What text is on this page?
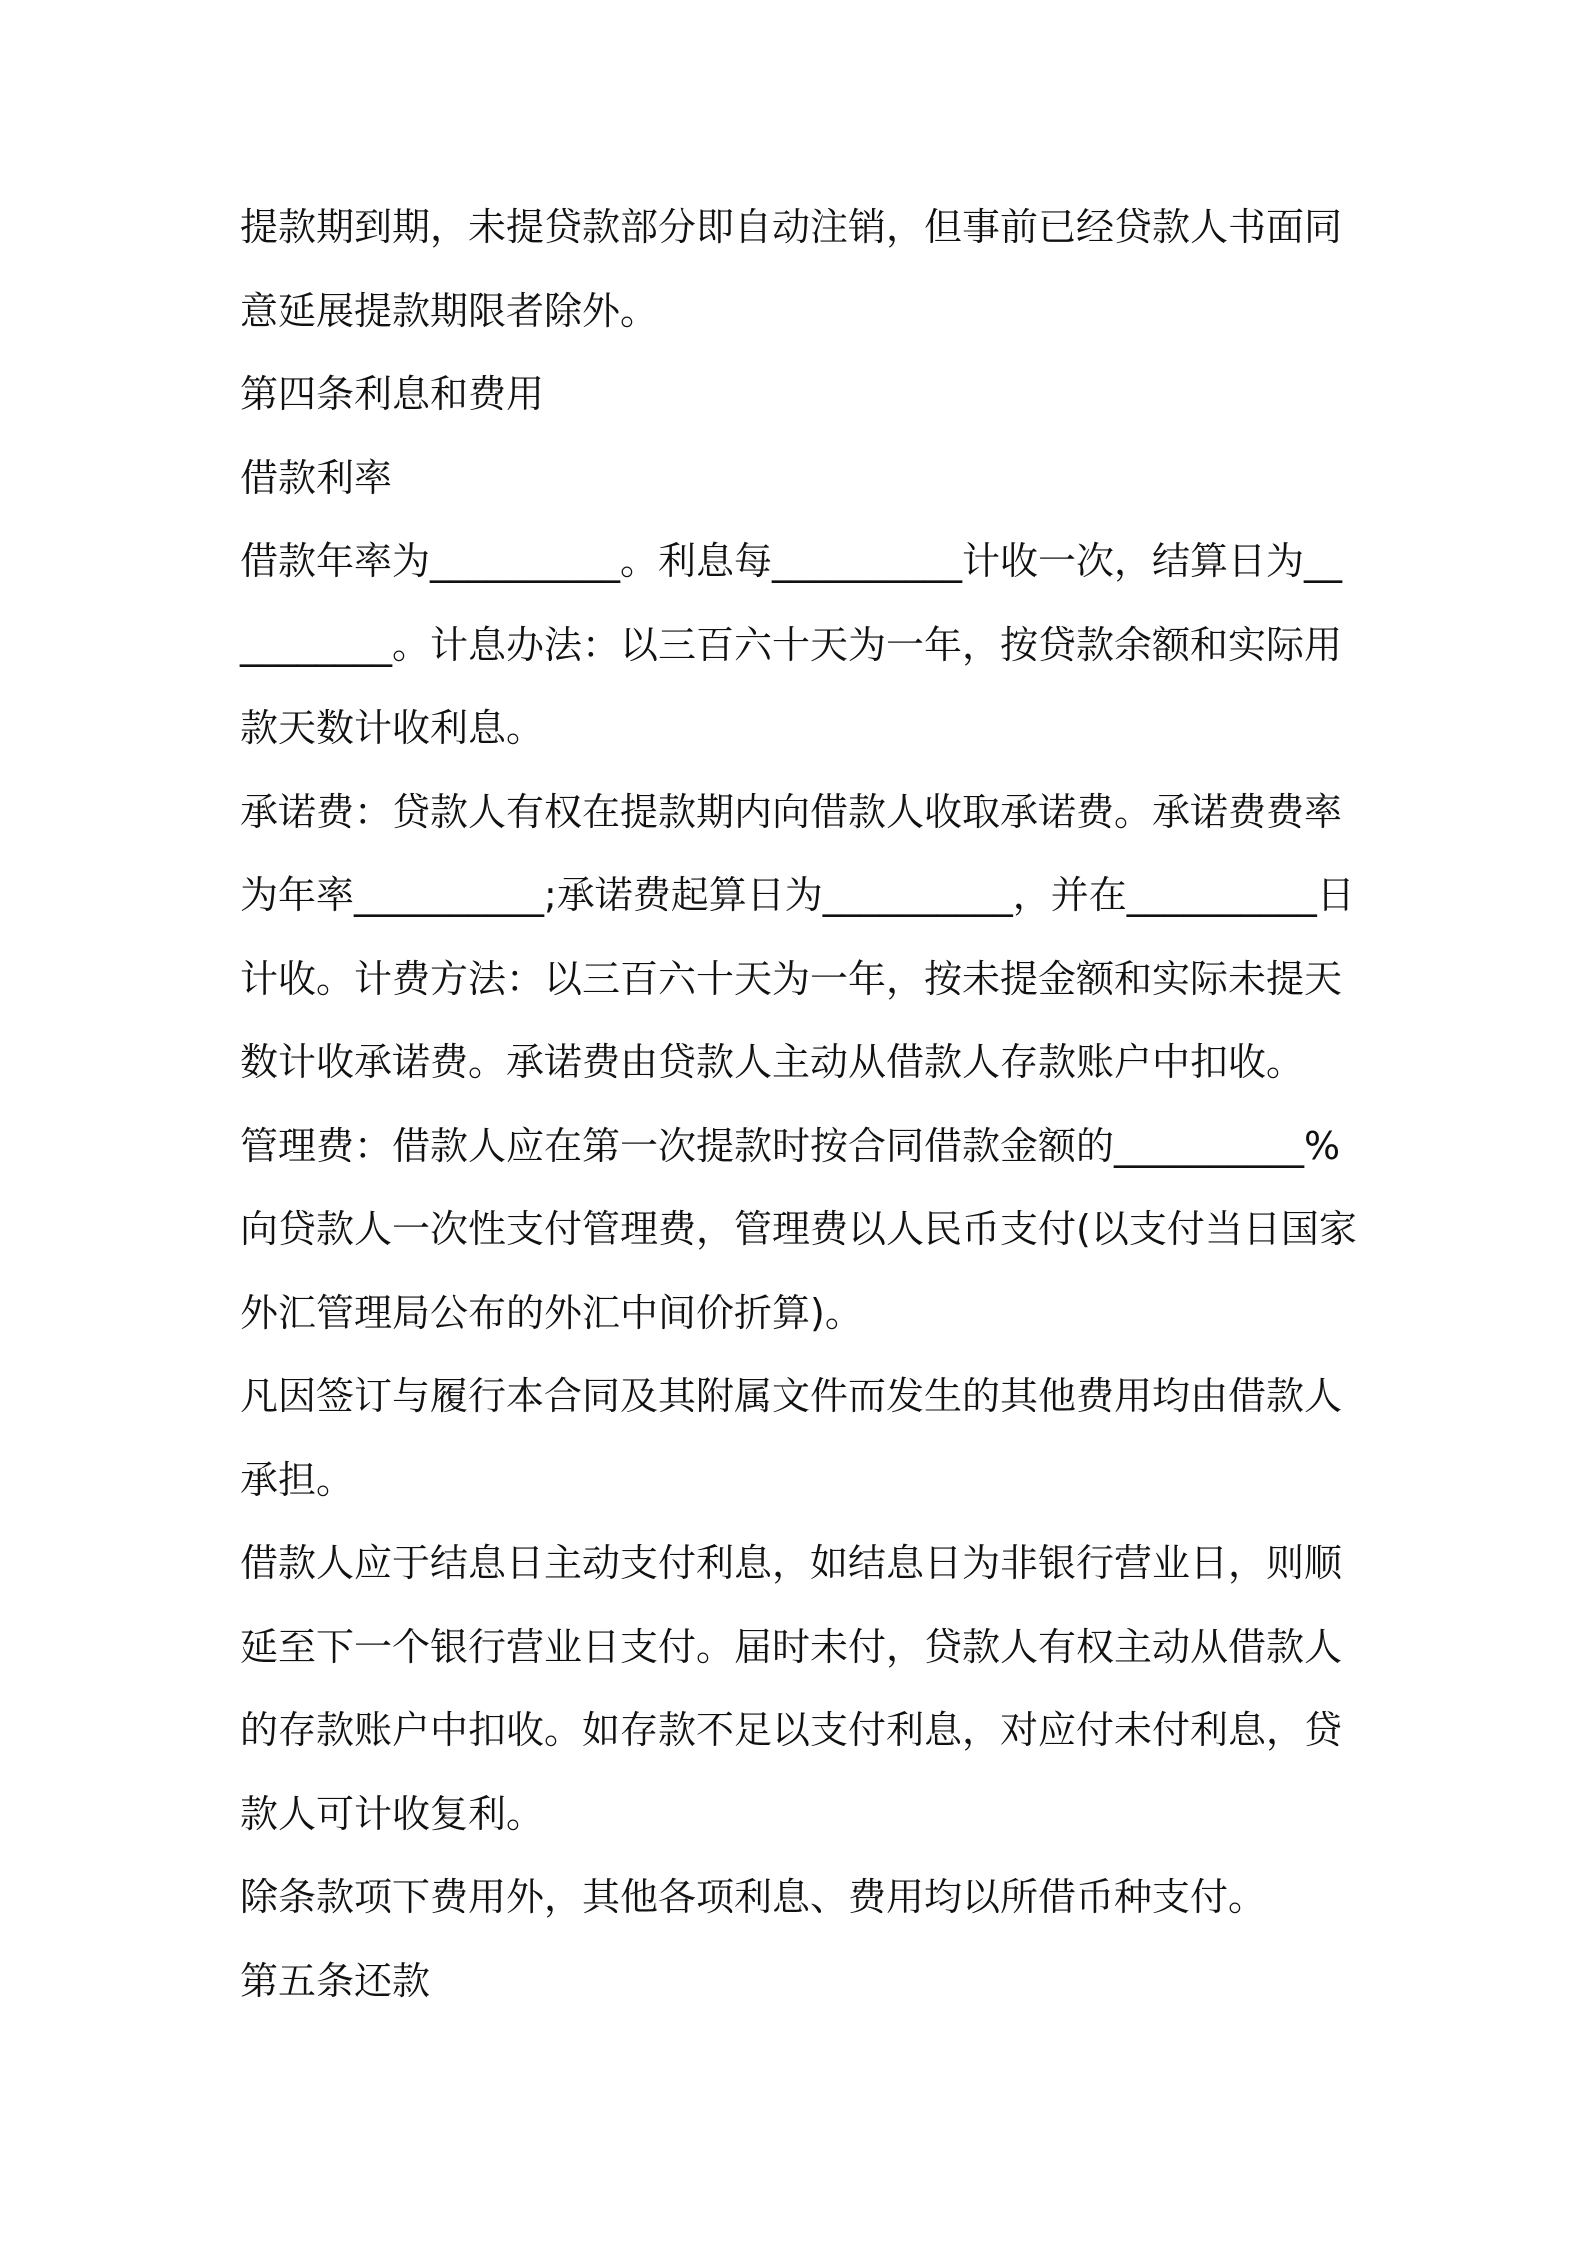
提款期到期，未提贷款部分即自动注销，但事前已经贷款人书面同意延展提款期限者除外。

第四条利息和费用

借款利率

借款年率为__________。利息每__________计收一次，结算日为__________。计息办法：以三百六十天为一年，按贷款余额和实际用款天数计收利息。

承诺费：贷款人有权在提款期内向借款人收取承诺费。承诺费费率为年率__________;承诺费起算日为__________，并在__________日计收。计费方法：以三百六十天为一年，按未提金额和实际未提天数计收承诺费。承诺费由贷款人主动从借款人存款账户中扣收。

管理费：借款人应在第一次提款时按合同借款金额的__________%向贷款人一次性支付管理费，管理费以人民币支付(以支付当日国家外汇管理局公布的外汇中间价折算)。

凡因签订与履行本合同及其附属文件而发生的其他费用均由借款人承担。

借款人应于结息日主动支付利息，如结息日为非银行营业日，则顺延至下一个银行营业日支付。届时未付，贷款人有权主动从借款人的存款账户中扣收。如存款不足以支付利息，对应付未付利息，贷款人可计收复利。

除条款项下费用外，其他各项利息、费用均以所借币种支付。

第五条还款
